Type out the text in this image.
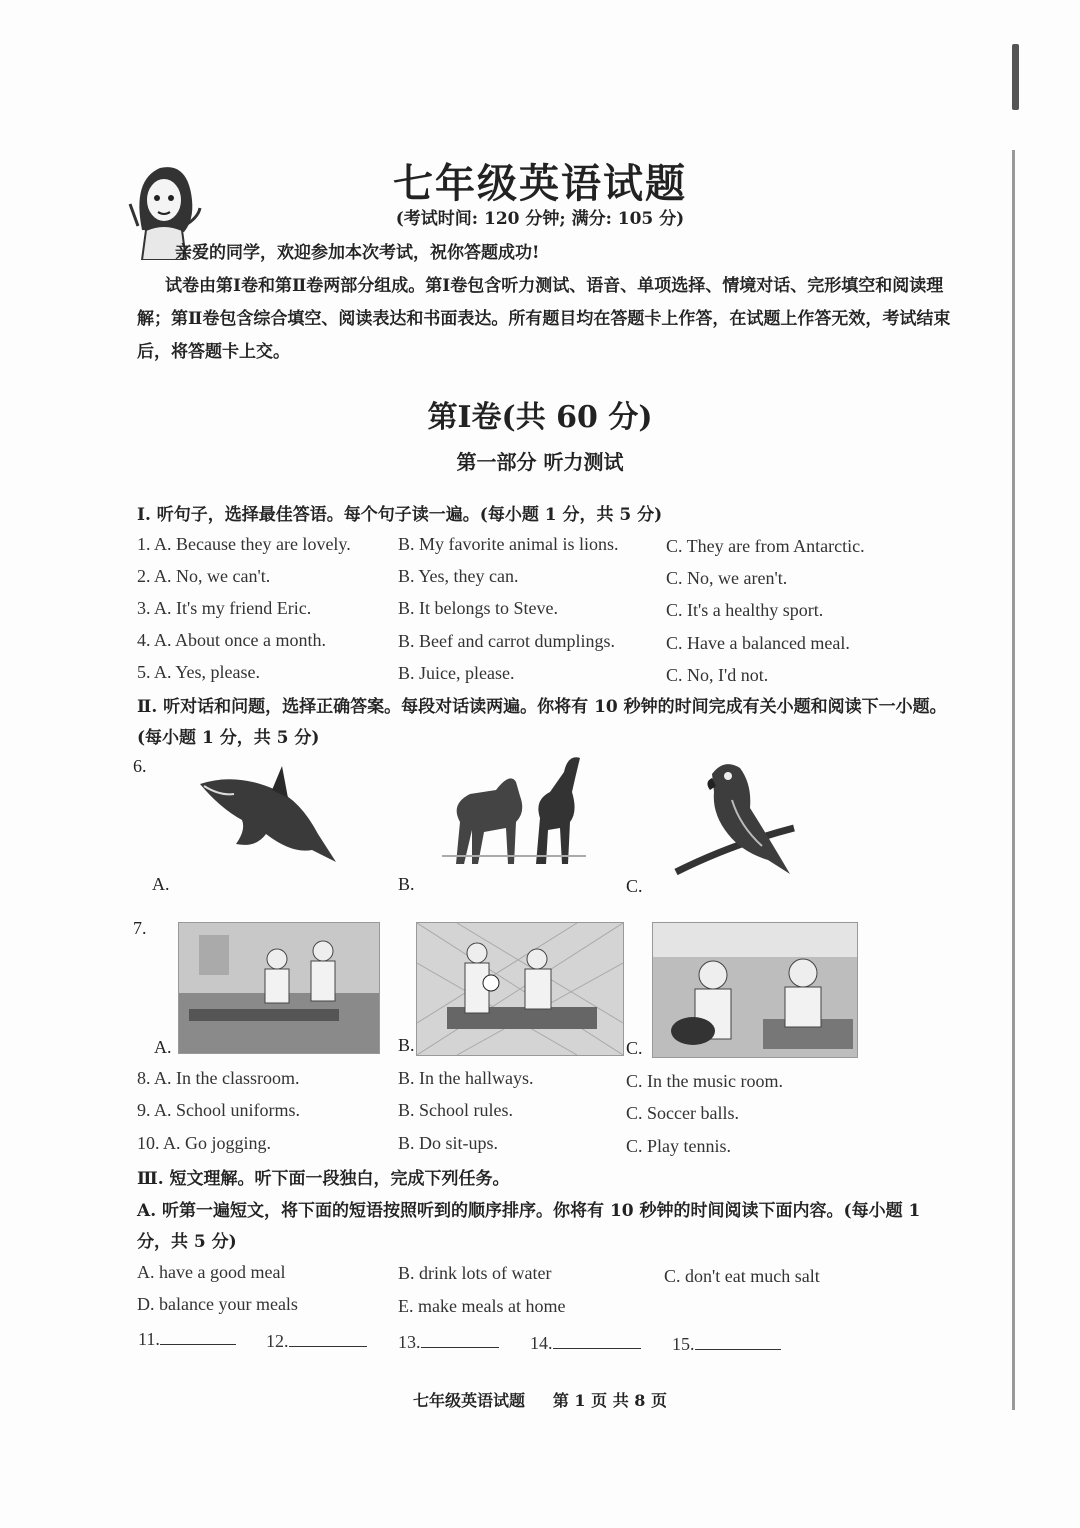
七年级英语试题
(考试时间: 120 分钟; 满分: 105 分)
亲爱的同学，欢迎参加本次考试，祝你答题成功!
试卷由第Ⅰ卷和第Ⅱ卷两部分组成。第Ⅰ卷包含听力测试、语音、单项选择、情境对话、完形填空和阅读理解；第Ⅱ卷包含综合填空、阅读表达和书面表达。所有题目均在答题卡上作答，在试题上作答无效，考试结束后，将答题卡上交。
第Ⅰ卷(共 60 分)
第一部分 听力测试
Ⅰ. 听句子，选择最佳答语。每个句子读一遍。(每小题 1 分，共 5 分)
1. A. Because they are lovely.	B. My favorite animal is lions.	C. They are from Antarctic.
2. A. No, we can't.	B. Yes, they can.	C. No, we aren't.
3. A. It's my friend Eric.	B. It belongs to Steve.	C. It's a healthy sport.
4. A. About once a month.	B. Beef and carrot dumplings.	C. Have a balanced meal.
5. A. Yes, please.	B. Juice, please.	C. No, I'd not.
Ⅱ. 听对话和问题，选择正确答案。每段对话读两遍。你将有 10 秒钟的时间完成有关小题和阅读下一小题。(每小题 1 分，共 5 分)
6.
A.	B.	C.
7.
A.	B.	C.
8. A. In the classroom.	B. In the hallways.	C. In the music room.
9. A. School uniforms.	B. School rules.	C. Soccer balls.
10. A. Go jogging.	B. Do sit-ups.	C. Play tennis.
Ⅲ. 短文理解。听下面一段独白，完成下列任务。
A. 听第一遍短文，将下面的短语按照听到的顺序排序。你将有 10 秒钟的时间阅读下面内容。(每小题 1 分，共 5 分)
A. have a good meal	B. drink lots of water	C. don't eat much salt
D. balance your meals	E. make meals at home
11.	12.	13.	14.	15.
七年级英语试题     第 1 页 共 8 页
